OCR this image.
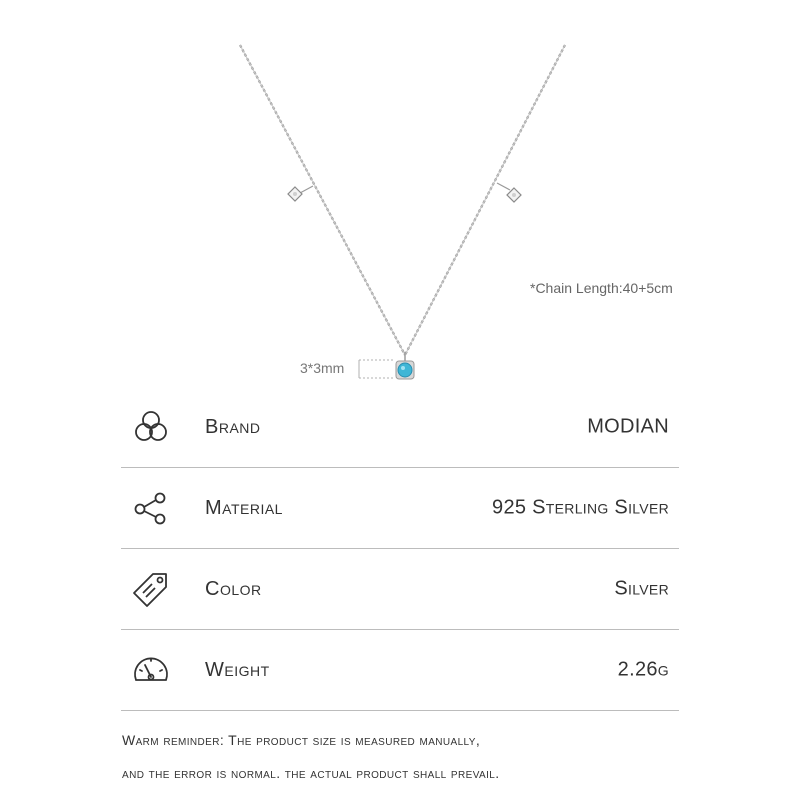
*Chain Length:40+5cm
3*3mm
Brand	MODIAN
Material	925 Sterling Silver
Color	Silver
Weight	2.26g
Warm reminder: The product size is measured manually,
and the error is normal. the actual product shall prevail.
